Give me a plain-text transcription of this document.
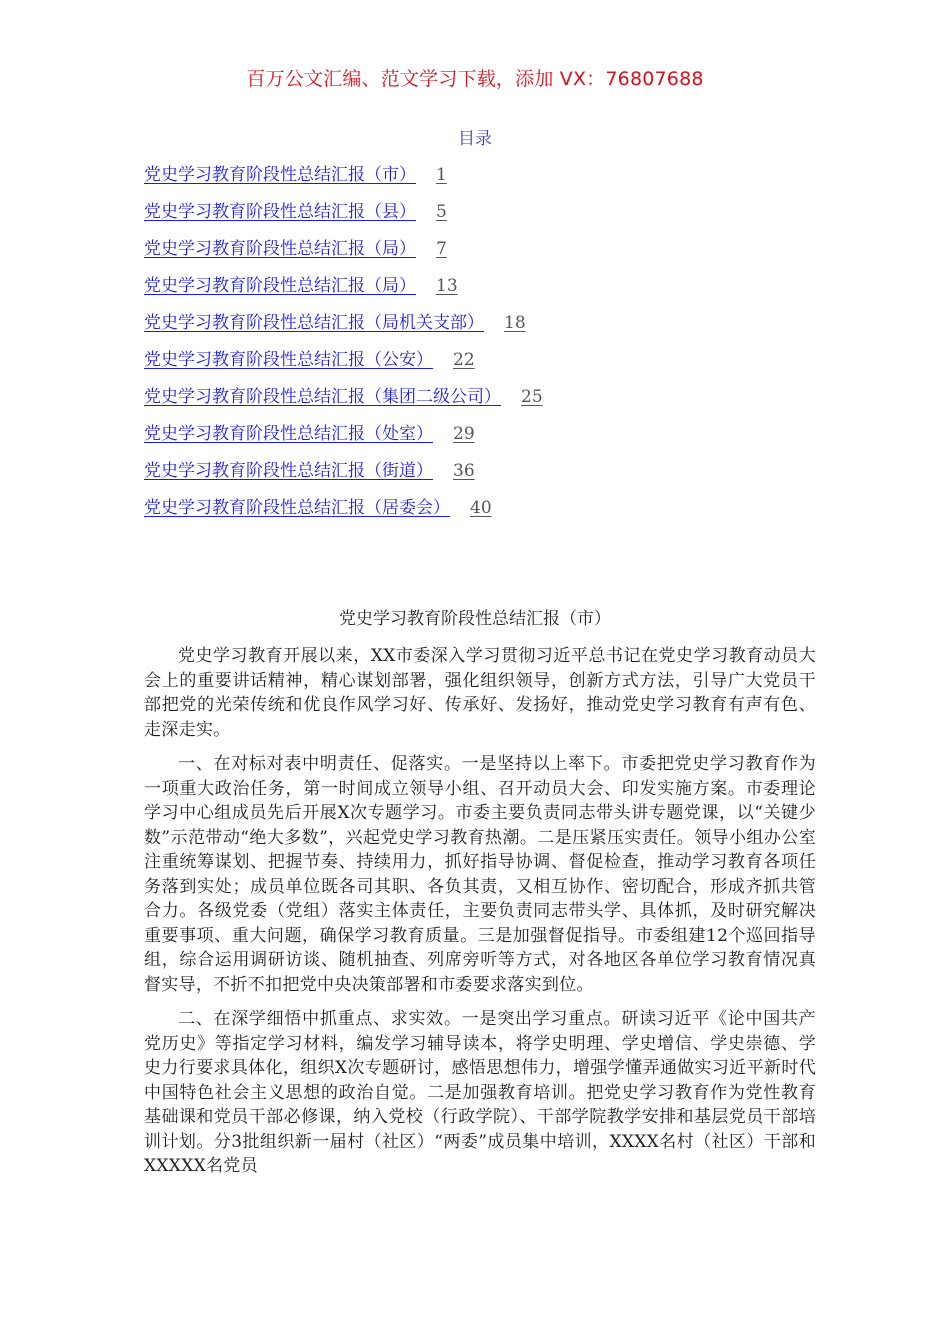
百万公文汇编、范文学习下载，添加 VX：76807688
目录
党史学习教育阶段性总结汇报（市） 1
党史学习教育阶段性总结汇报（县） 5
党史学习教育阶段性总结汇报（局） 7
党史学习教育阶段性总结汇报（局） 13
党史学习教育阶段性总结汇报（局机关支部） 18
党史学习教育阶段性总结汇报（公安） 22
党史学习教育阶段性总结汇报（集团二级公司） 25
党史学习教育阶段性总结汇报（处室） 29
党史学习教育阶段性总结汇报（街道） 36
党史学习教育阶段性总结汇报（居委会） 40
党史学习教育阶段性总结汇报（市）

党史学习教育开展以来，XX市委深入学习贯彻习近平总书记在党史学习教育动员大会上的重要讲话精神，精心谋划部署，强化组织领导，创新方式方法，引导广大党员干部把党的光荣传统和优良作风学习好、传承好、发扬好，推动党史学习教育有声有色、走深走实。

一、在对标对表中明责任、促落实。一是坚持以上率下。市委把党史学习教育作为一项重大政治任务，第一时间成立领导小组、召开动员大会、印发实施方案。市委理论学习中心组成员先后开展X次专题学习。市委主要负责同志带头讲专题党课，以“关键少数”示范带动“绝大多数”，兴起党史学习教育热潮。二是压紧压实责任。领导小组办公室注重统筹谋划、把握节奏、持续用力，抓好指导协调、督促检查，推动学习教育各项任务落到实处；成员单位既各司其职、各负其责，又相互协作、密切配合，形成齐抓共管合力。各级党委（党组）落实主体责任，主要负责同志带头学、具体抓，及时研究解决重要事项、重大问题，确保学习教育质量。三是加强督促指导。市委组建12个巡回指导组，综合运用调研访谈、随机抽查、列席旁听等方式，对各地区各单位学习教育情况真督实导，不折不扣把党中央决策部署和市委要求落实到位。

二、在深学细悟中抓重点、求实效。一是突出学习重点。研读习近平《论中国共产党历史》等指定学习材料，编发学习辅导读本，将学史明理、学史增信、学史崇德、学史力行要求具体化，组织X次专题研讨，感悟思想伟力，增强学懂弄通做实习近平新时代中国特色社会主义思想的政治自觉。二是加强教育培训。把党史学习教育作为党性教育基础课和党员干部必修课，纳入党校（行政学院）、干部学院教学安排和基层党员干部培训计划。分3批组织新一届村（社区）“两委”成员集中培训，XXXX名村（社区）干部和XXXXX名党员
